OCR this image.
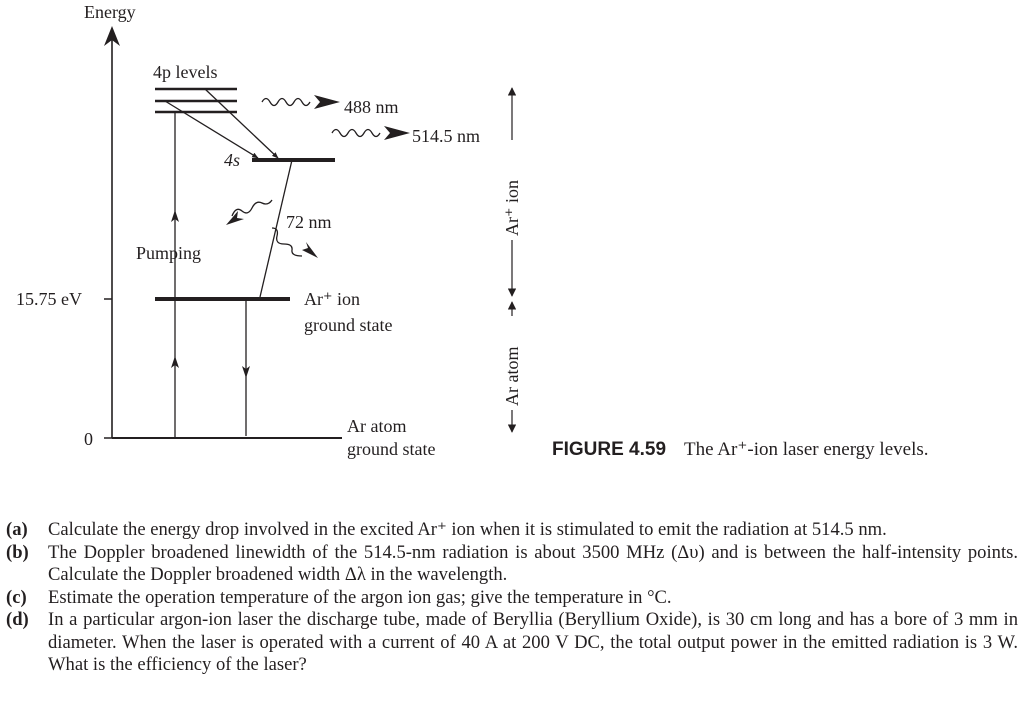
Energy
15.75 eV
0
Ar atom
ground state
Ar⁺ ion
ground state
4p levels
4s
Pumping
488 nm
514.5 nm
72 nm	Ar⁺ ion
Ar atom
FIGURE 4.59 The Ar⁺-ion laser energy levels.
(a)	Calculate the energy drop involved in the excited Ar⁺ ion when it is stimulated to emit the radiation at 514.5 nm.
(b)	The Doppler broadened linewidth of the 514.5-nm radiation is about 3500 MHz (Δυ) and is between the half-intensity points. Calculate the Doppler broadened width Δλ in the wavelength.
(c)	Estimate the operation temperature of the argon ion gas; give the temperature in °C.
(d)	In a particular argon-ion laser the discharge tube, made of Beryllia (Beryllium Oxide), is 30 cm long and has a bore of 3 mm in diameter. When the laser is operated with a current of 40 A at 200 V DC, the total output power in the emitted radiation is 3 W. What is the efficiency of the laser?
